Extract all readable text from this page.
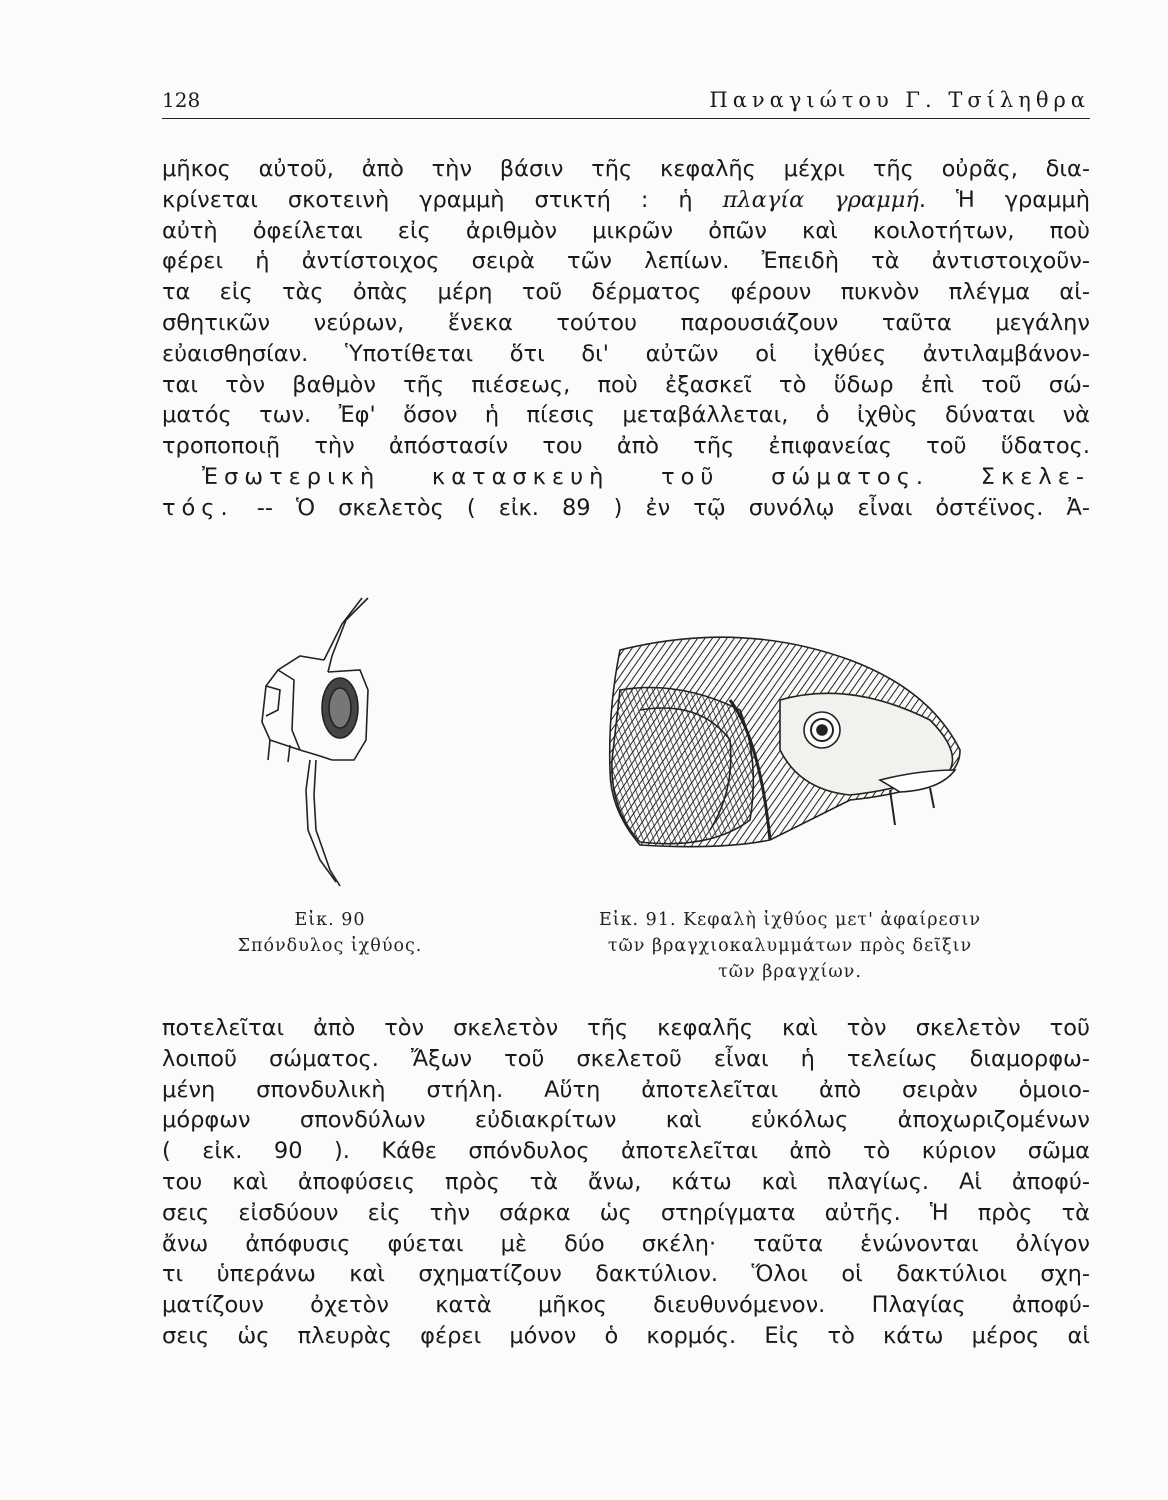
128	Παναγιώτου Γ. Τσίληθρα
μῆκος αὐτοῦ, ἀπὸ τὴν βάσιν τῆς κεφαλῆς μέχρι τῆς οὐρᾶς, δια-
κρίνεται σκοτεινὴ γραμμὴ στικτή : ἡ πλαγία γραμμή. Ἡ γραμμὴ
αὐτὴ ὀφείλεται εἰς ἀριθμὸν μικρῶν ὀπῶν καὶ κοιλοτήτων, ποὺ
φέρει ἡ ἀντίστοιχος σειρὰ τῶν λεπίων. Ἐπειδὴ τὰ ἀντιστοιχοῦν-
τα εἰς τὰς ὀπὰς μέρη τοῦ δέρματος φέρουν πυκνὸν πλέγμα αἰ-
σθητικῶν νεύρων, ἕνεκα τούτου παρουσιάζουν ταῦτα μεγάλην
εὐαισθησίαν. Ὑποτίθεται ὅτι δι' αὐτῶν οἱ ἰχθύες ἀντιλαμβάνον-
ται τὸν βαθμὸν τῆς πιέσεως, ποὺ ἐξασκεῖ τὸ ὕδωρ ἐπὶ τοῦ σώ-
ματός των. Ἐφ' ὅσον ἡ πίεσις μεταβάλλεται, ὁ ἰχθὺς δύναται νὰ
τροποποιῇ τὴν ἀπόστασίν του ἀπὸ τῆς ἐπιφανείας τοῦ ὕδατος.
Ἐσωτερικὴ κατασκευὴ τοῦ σώματος. Σκελε-
τός. -- Ὁ σκελετὸς ( εἰκ. 89 ) ἐν τῷ συνόλῳ εἶναι ὀστέϊνος. Ἀ-
Εἰκ. 90
Σπόνδυλος ἰχθύος.
Εἰκ. 91. Κεφαλὴ ἰχθύος μετ' ἀφαίρεσιν
τῶν βραγχιοκαλυμμάτων πρὸς δεῖξιν
τῶν βραγχίων.
ποτελεῖται ἀπὸ τὸν σκελετὸν τῆς κεφαλῆς καὶ τὸν σκελετὸν τοῦ
λοιποῦ σώματος. Ἄξων τοῦ σκελετοῦ εἶναι ἡ τελείως διαμορφω-
μένη σπονδυλικὴ στήλη. Αὕτη ἀποτελεῖται ἀπὸ σειρὰν ὁμοιο-
μόρφων σπονδύλων εὐδιακρίτων καὶ εὐκόλως ἀποχωριζομένων
( εἰκ. 90 ). Κάθε σπόνδυλος ἀποτελεῖται ἀπὸ τὸ κύριον σῶμα
του καὶ ἀποφύσεις πρὸς τὰ ἄνω, κάτω καὶ πλαγίως. Αἱ ἀποφύ-
σεις εἰσδύουν εἰς τὴν σάρκα ὡς στηρίγματα αὐτῆς. Ἡ πρὸς τὰ
ἄνω ἀπόφυσις φύεται μὲ δύο σκέλη· ταῦτα ἑνώνονται ὀλίγον
τι ὑπεράνω καὶ σχηματίζουν δακτύλιον. Ὅλοι οἱ δακτύλιοι σχη-
ματίζουν ὀχετὸν κατὰ μῆκος διευθυνόμενον. Πλαγίας ἀποφύ-
σεις ὡς πλευρὰς φέρει μόνον ὁ κορμός. Εἰς τὸ κάτω μέρος αἱ
